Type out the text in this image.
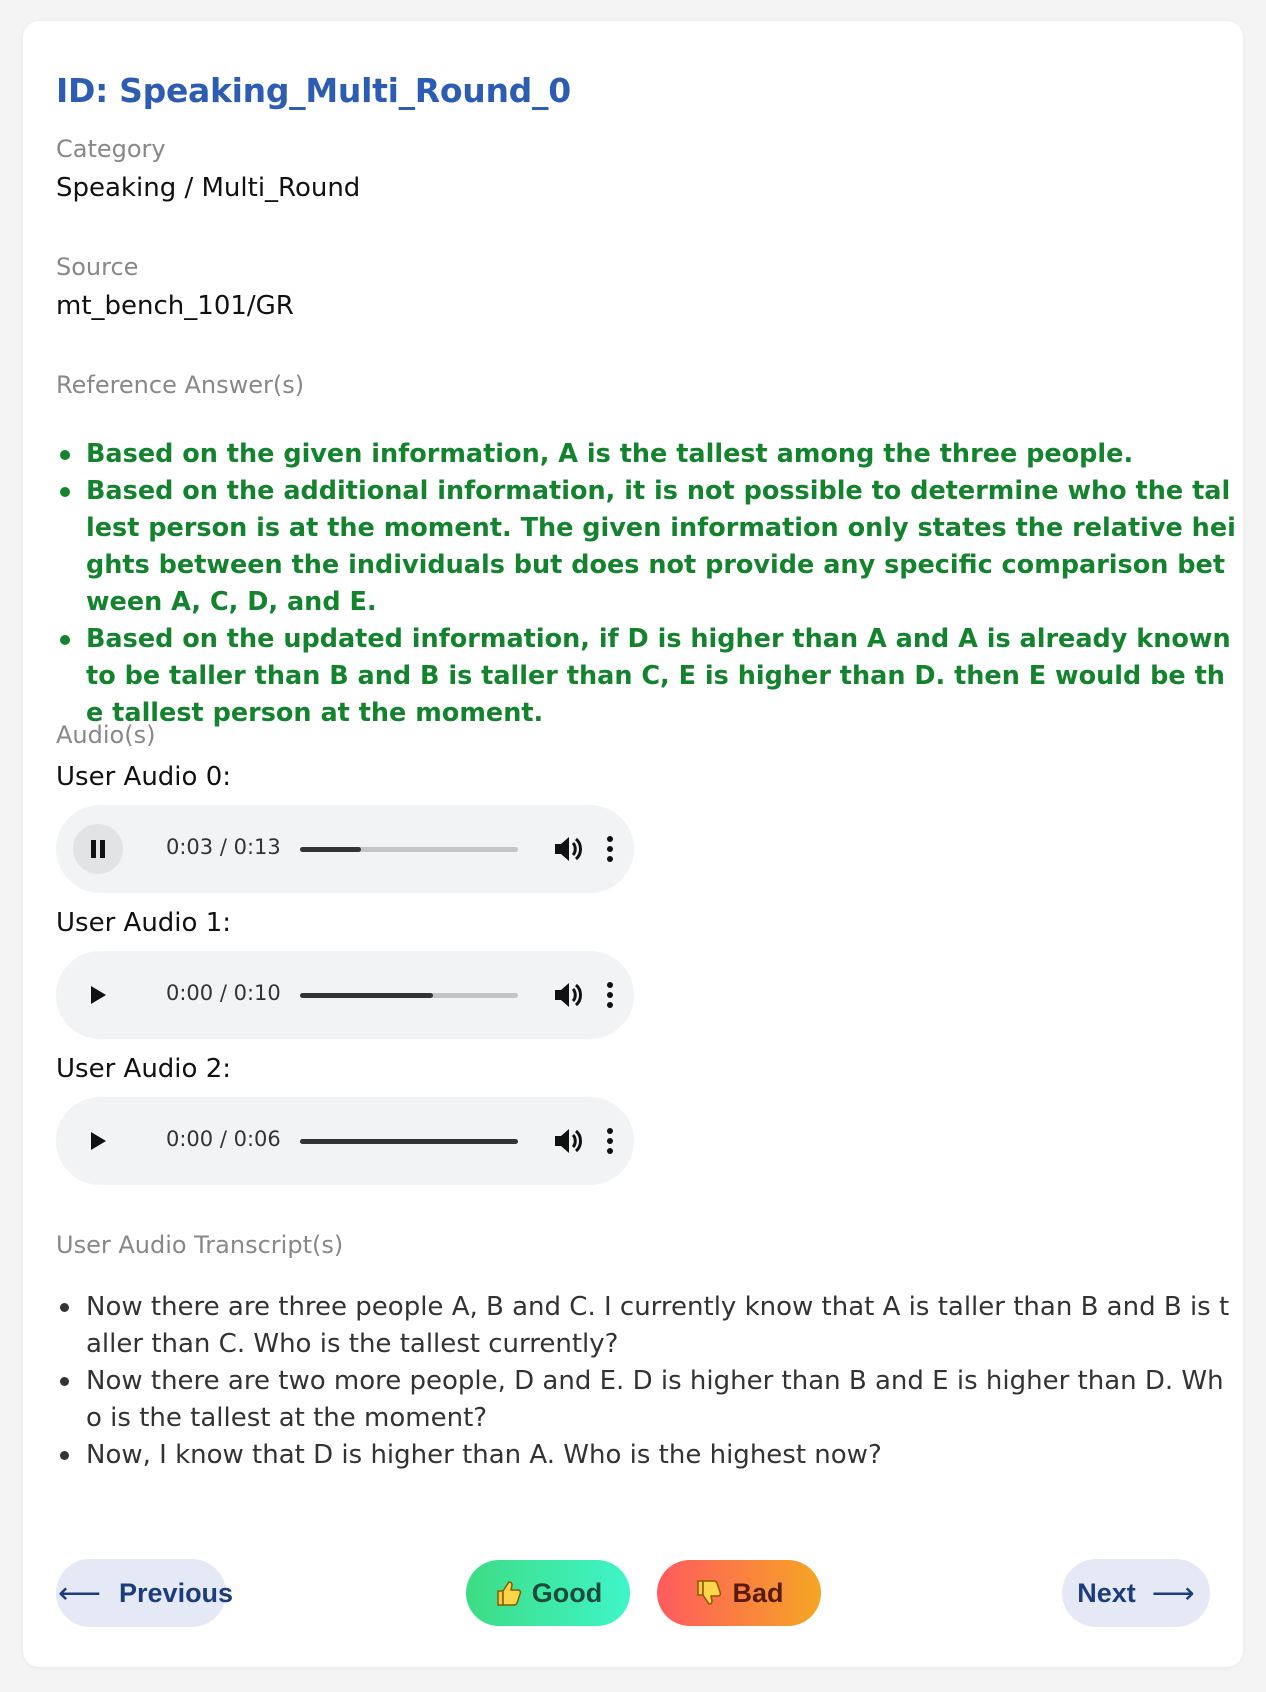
ID: Speaking_Multi_Round_0
Category
Speaking / Multi_Round
Source
mt_bench_101/GR
Reference Answer(s)
Based on the given information, A is the tallest among the three people.
Based on the additional information, it is not possible to determine who the tallest person is at the moment. The given information only states the relative heights between the individuals but does not provide any specific comparison between A, C, D, and E.
Based on the updated information, if D is higher than A and A is already known to be taller than B and B is taller than C, E is higher than D. then E would be the tallest person at the moment.
Audio(s)
User Audio 0:
0:03 / 0:13
User Audio 1:
0:00 / 0:10
User Audio 2:
0:00 / 0:06
User Audio Transcript(s)
Now there are three people A, B and C. I currently know that A is taller than B and B is taller than C. Who is the tallest currently?
Now there are two more people, D and E. D is higher than B and E is higher than D. Who is the tallest at the moment?
Now, I know that D is higher than A. Who is the highest now?
⟵ Previous	Good	Bad	Next ⟶
